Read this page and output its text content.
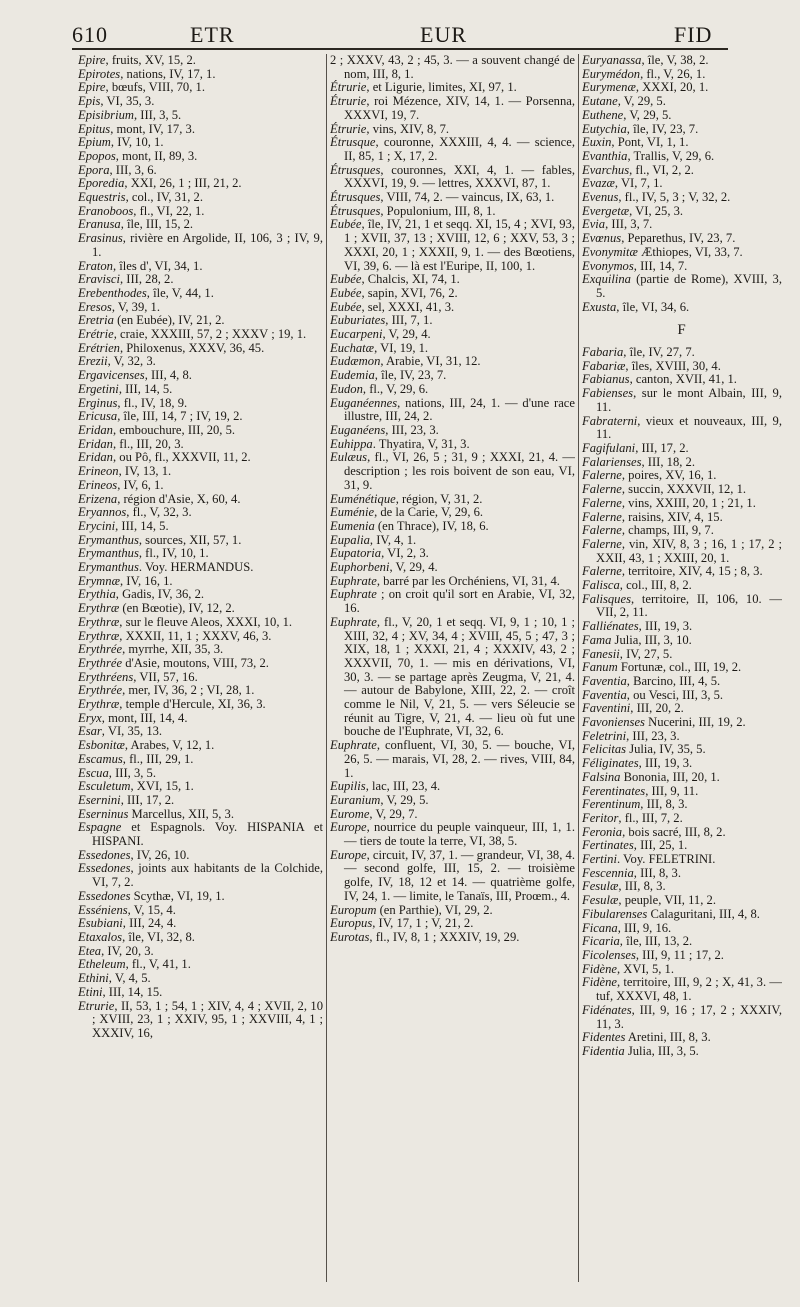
610	ETR	EUR	FID

Epire, fruits, XV, 15, 2.

Epirotes, nations, IV, 17, 1.

Epire, bœufs, VIII, 70, 1.

Epis, VI, 35, 3.

Episibrium, III, 3, 5.

Epitus, mont, IV, 17, 3.

Epium, IV, 10, 1.

Epopos, mont, II, 89, 3.

Epora, III, 3, 6.

Eporedia, XXI, 26, 1 ; III, 21, 2.

Equestris, col., IV, 31, 2.

Eranoboos, fl., VI, 22, 1.

Eranusa, île, III, 15, 2.

Erasinus, rivière en Argolide, II, 106, 3 ; IV, 9, 1.

Eraton, îles d', VI, 34, 1.

Eravisci, III, 28, 2.

Erebenthodes, île, V, 44, 1.

Eresos, V, 39, 1.

Eretria (en Eubée), IV, 21, 2.

Erétrie, craie, XXXIII, 57, 2 ; XXXV ; 19, 1.

Erétrien, Philoxenus, XXXV, 36, 45.

Erezii, V, 32, 3.

Ergavicenses, III, 4, 8.

Ergetini, III, 14, 5.

Erginus, fl., IV, 18, 9.

Ericusa, île, III, 14, 7 ; IV, 19, 2.

Eridan, embouchure, III, 20, 5.

Eridan, fl., III, 20, 3.

Eridan, ou Pô, fl., XXXVII, 11, 2.

Erineon, IV, 13, 1.

Erineos, IV, 6, 1.

Erizena, région d'Asie, X, 60, 4.

Eryannos, fl., V, 32, 3.

Erycini, III, 14, 5.

Erymanthus, sources, XII, 57, 1.

Erymanthus, fl., IV, 10, 1.

Erymanthus. Voy. HERMANDUS.

Erymnæ, IV, 16, 1.

Erythia, Gadis, IV, 36, 2.

Erythræ (en Bœotie), IV, 12, 2.

Erythræ, sur le fleuve Aleos, XXXI, 10, 1.

Erythræ, XXXII, 11, 1 ; XXXV, 46, 3.

Erythrée, myrrhe, XII, 35, 3.

Erythrée d'Asie, moutons, VIII, 73, 2.

Erythréens, VII, 57, 16.

Erythrée, mer, IV, 36, 2 ; VI, 28, 1.

Erythræ, temple d'Hercule, XI, 36, 3.

Eryx, mont, III, 14, 4.

Esar, VI, 35, 13.

Esbonitæ, Arabes, V, 12, 1.

Escamus, fl., III, 29, 1.

Escua, III, 3, 5.

Esculetum, XVI, 15, 1.

Esernini, III, 17, 2.

Eserninus Marcellus, XII, 5, 3.

Espagne et Espagnols. Voy. HISPANIA et HISPANI.

Essedones, IV, 26, 10.

Essedones, joints aux habitants de la Colchide, VI, 7, 2.

Essedones Scythæ, VI, 19, 1.

Esséniens, V, 15, 4.

Esubiani, III, 24, 4.

Etaxalos, île, VI, 32, 8.

Etea, IV, 20, 3.

Etheleum, fl., V, 41, 1.

Ethini, V, 4, 5.

Etini, III, 14, 15.

Etrurie, II, 53, 1 ; 54, 1 ; XIV, 4, 4 ; XVII, 2, 10 ; XVIII, 23, 1 ; XXIV, 95, 1 ; XXVIII, 4, 1 ; XXXIV, 16,

2 ; XXXV, 43, 2 ; 45, 3. — a souvent changé de nom, III, 8, 1.

Étrurie, et Ligurie, limites, XI, 97, 1.

Étrurie, roi Mézence, XIV, 14, 1. — Porsenna, XXXVI, 19, 7.

Étrurie, vins, XIV, 8, 7.

Étrusque, couronne, XXXIII, 4, 4. — science, II, 85, 1 ; X, 17, 2.

Étrusques, couronnes, XXI, 4, 1. — fables, XXXVI, 19, 9. — lettres, XXXVI, 87, 1.

Étrusques, VIII, 74, 2. — vaincus, IX, 63, 1.

Étrusques, Populonium, III, 8, 1.

Eubée, île, IV, 21, 1 et seqq. XI, 15, 4 ; XVI, 93, 1 ; XVII, 37, 13 ; XVIII, 12, 6 ; XXV, 53, 3 ; XXXI, 20, 1 ; XXXII, 9, 1. — des Bœotiens, VI, 39, 6. — là est l'Euripe, II, 100, 1.

Eubée, Chalcis, XI, 74, 1.

Eubée, sapin, XVI, 76, 2.

Eubée, sel, XXXI, 41, 3.

Euburiates, III, 7, 1.

Eucarpeni, V, 29, 4.

Euchatæ, VI, 19, 1.

Eudæmon, Arabie, VI, 31, 12.

Eudemia, île, IV, 23, 7.

Eudon, fl., V, 29, 6.

Euganéennes, nations, III, 24, 1. — d'une race illustre, III, 24, 2.

Euganéens, III, 23, 3.

Euhippa. Thyatira, V, 31, 3.

Eulæus, fl., VI, 26, 5 ; 31, 9 ; XXXI, 21, 4. — description ; les rois boivent de son eau, VI, 31, 9.

Euménétique, région, V, 31, 2.

Euménie, de la Carie, V, 29, 6.

Eumenia (en Thrace), IV, 18, 6.

Eupalia, IV, 4, 1.

Eupatoria, VI, 2, 3.

Euphorbeni, V, 29, 4.

Euphrate, barré par les Orchéniens, VI, 31, 4.

Euphrate ; on croit qu'il sort en Arabie, VI, 32, 16.

Euphrate, fl., V, 20, 1 et seqq. VI, 9, 1 ; 10, 1 ; XIII, 32, 4 ; XV, 34, 4 ; XVIII, 45, 5 ; 47, 3 ; XIX, 18, 1 ; XXXI, 21, 4 ; XXXIV, 43, 2 ; XXXVII, 70, 1. — mis en dérivations, VI, 30, 3. — se partage après Zeugma, V, 21, 4. — autour de Babylone, XIII, 22, 2. — croît comme le Nil, V, 21, 5. — vers Séleucie se réunit au Tigre, V, 21, 4. — lieu où fut une bouche de l'Euphrate, VI, 32, 6.

Euphrate, confluent, VI, 30, 5. — bouche, VI, 26, 5. — marais, VI, 28, 2. — rives, VIII, 84, 1.

Eupilis, lac, III, 23, 4.

Euranium, V, 29, 5.

Eurome, V, 29, 7.

Europe, nourrice du peuple vainqueur, III, 1, 1. — tiers de toute la terre, VI, 38, 5.

Europe, circuit, IV, 37, 1. — grandeur, VI, 38, 4. — second golfe, III, 15, 2. — troisième golfe, IV, 18, 12 et 14. — quatrième golfe, IV, 24, 1. — limite, le Tanaïs, III, Proœm., 4.

Europum (en Parthie), VI, 29, 2.

Europus, IV, 17, 1 ; V, 21, 2.

Eurotas, fl., IV, 8, 1 ; XXXIV, 19, 29.

Euryanassa, île, V, 38, 2.

Eurymédon, fl., V, 26, 1.

Eurymenæ, XXXI, 20, 1.

Eutane, V, 29, 5.

Euthene, V, 29, 5.

Eutychia, île, IV, 23, 7.

Euxin, Pont, VI, 1, 1.

Evanthia, Trallis, V, 29, 6.

Evarchus, fl., VI, 2, 2.

Evazæ, VI, 7, 1.

Evenus, fl., IV, 5, 3 ; V, 32, 2.

Evergetæ, VI, 25, 3.

Evia, III, 3, 7.

Evœnus, Peparethus, IV, 23, 7.

Evonymitæ Æthiopes, VI, 33, 7.

Evonymos, III, 14, 7.

Exquilina (partie de Rome), XVIII, 3, 5.

Exusta, île, VI, 34, 6.

F

Fabaria, île, IV, 27, 7.

Fabariæ, îles, XVIII, 30, 4.

Fabianus, canton, XVII, 41, 1.

Fabienses, sur le mont Albain, III, 9, 11.

Fabraterni, vieux et nouveaux, III, 9, 11.

Fagifulani, III, 17, 2.

Falarienses, III, 18, 2.

Falerne, poires, XV, 16, 1.

Falerne, succin, XXXVII, 12, 1.

Falerne, vins, XXIII, 20, 1 ; 21, 1.

Falerne, raisins, XIV, 4, 15.

Falerne, champs, III, 9, 7.

Falerne, vin, XIV, 8, 3 ; 16, 1 ; 17, 2 ; XXII, 43, 1 ; XXIII, 20, 1.

Falerne, territoire, XIV, 4, 15 ; 8, 3.

Falisca, col., III, 8, 2.

Falisques, territoire, II, 106, 10. — VII, 2, 11.

Falliénates, III, 19, 3.

Fama Julia, III, 3, 10.

Fanesii, IV, 27, 5.

Fanum Fortunæ, col., III, 19, 2.

Faventia, Barcino, III, 4, 5.

Faventia, ou Vesci, III, 3, 5.

Faventini, III, 20, 2.

Favonienses Nucerini, III, 19, 2.

Feletrini, III, 23, 3.

Felicitas Julia, IV, 35, 5.

Féliginates, III, 19, 3.

Falsina Bononia, III, 20, 1.

Ferentinates, III, 9, 11.

Ferentinum, III, 8, 3.

Feritor, fl., III, 7, 2.

Feronia, bois sacré, III, 8, 2.

Fertinates, III, 25, 1.

Fertini. Voy. FELETRINI.

Fescennia, III, 8, 3.

Fesulæ, III, 8, 3.

Fesulæ, peuple, VII, 11, 2.

Fibularenses Calaguritani, III, 4, 8.

Ficana, III, 9, 16.

Ficaria, île, III, 13, 2.

Ficolenses, III, 9, 11 ; 17, 2.

Fidène, XVI, 5, 1.

Fidène, territoire, III, 9, 2 ; X, 41, 3. — tuf, XXXVI, 48, 1.

Fidénates, III, 9, 16 ; 17, 2 ; XXXIV, 11, 3.

Fidentes Aretini, III, 8, 3.

Fidentia Julia, III, 3, 5.
